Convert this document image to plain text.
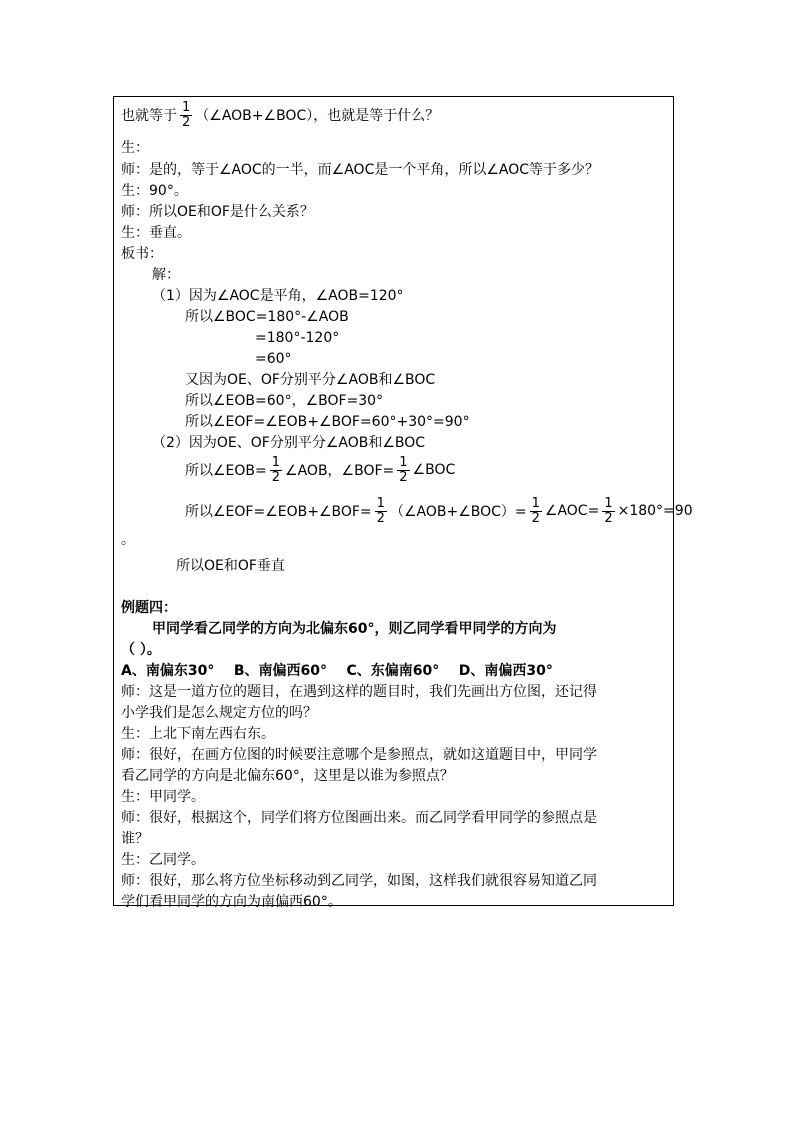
也就等于 $\frac{1}{2}$ （∠AOB+∠BOC），也就是等于什么？
生：
师：是的，等于∠AOC的一半，而∠AOC是一个平角，所以∠AOC等于多少？
生：90°。
师：所以OE和OF是什么关系？
生：垂直。
板书：
解：
（1）因为∠AOC是平角，∠AOB=120°
所以∠BOC=180°-∠AOB
=180°-120°
=60°
又因为OE、OF分别平分∠AOB和∠BOC
所以∠EOB=60°，∠BOF=30°
所以∠EOF=∠EOB+∠BOF=60°+30°=90°
（2）因为OE、OF分别平分∠AOB和∠BOC
所以∠EOB= $\frac{1}{2}$ ∠AOB，∠BOF= $\frac{1}{2}$ ∠BOC
所以∠EOF=∠EOB+∠BOF= $\frac{1}{2}$ （∠AOB+∠BOC）= $\frac{1}{2}$ ∠AOC= $\frac{1}{2} \times 180^\circ=90$
。
所以OE和OF垂直
例题四：
甲同学看乙同学的方向为北偏东60°，则乙同学看甲同学的方向为
（ ）。
A、南偏东30°    B、南偏西60°    C、东偏南60°    D、南偏西30°
师：这是一道方位的题目，在遇到这样的题目时，我们先画出方位图，还记得
小学我们是怎么规定方位的吗？
生：上北下南左西右东。
师：很好，在画方位图的时候要注意哪个是参照点，就如这道题目中，甲同学
看乙同学的方向是北偏东60°，这里是以谁为参照点？
生：甲同学。
师：很好，根据这个，同学们将方位图画出来。而乙同学看甲同学的参照点是
谁？
生：乙同学。
师：很好，那么将方位坐标移动到乙同学，如图，这样我们就很容易知道乙同
学们看甲同学的方向为南偏西60°。
